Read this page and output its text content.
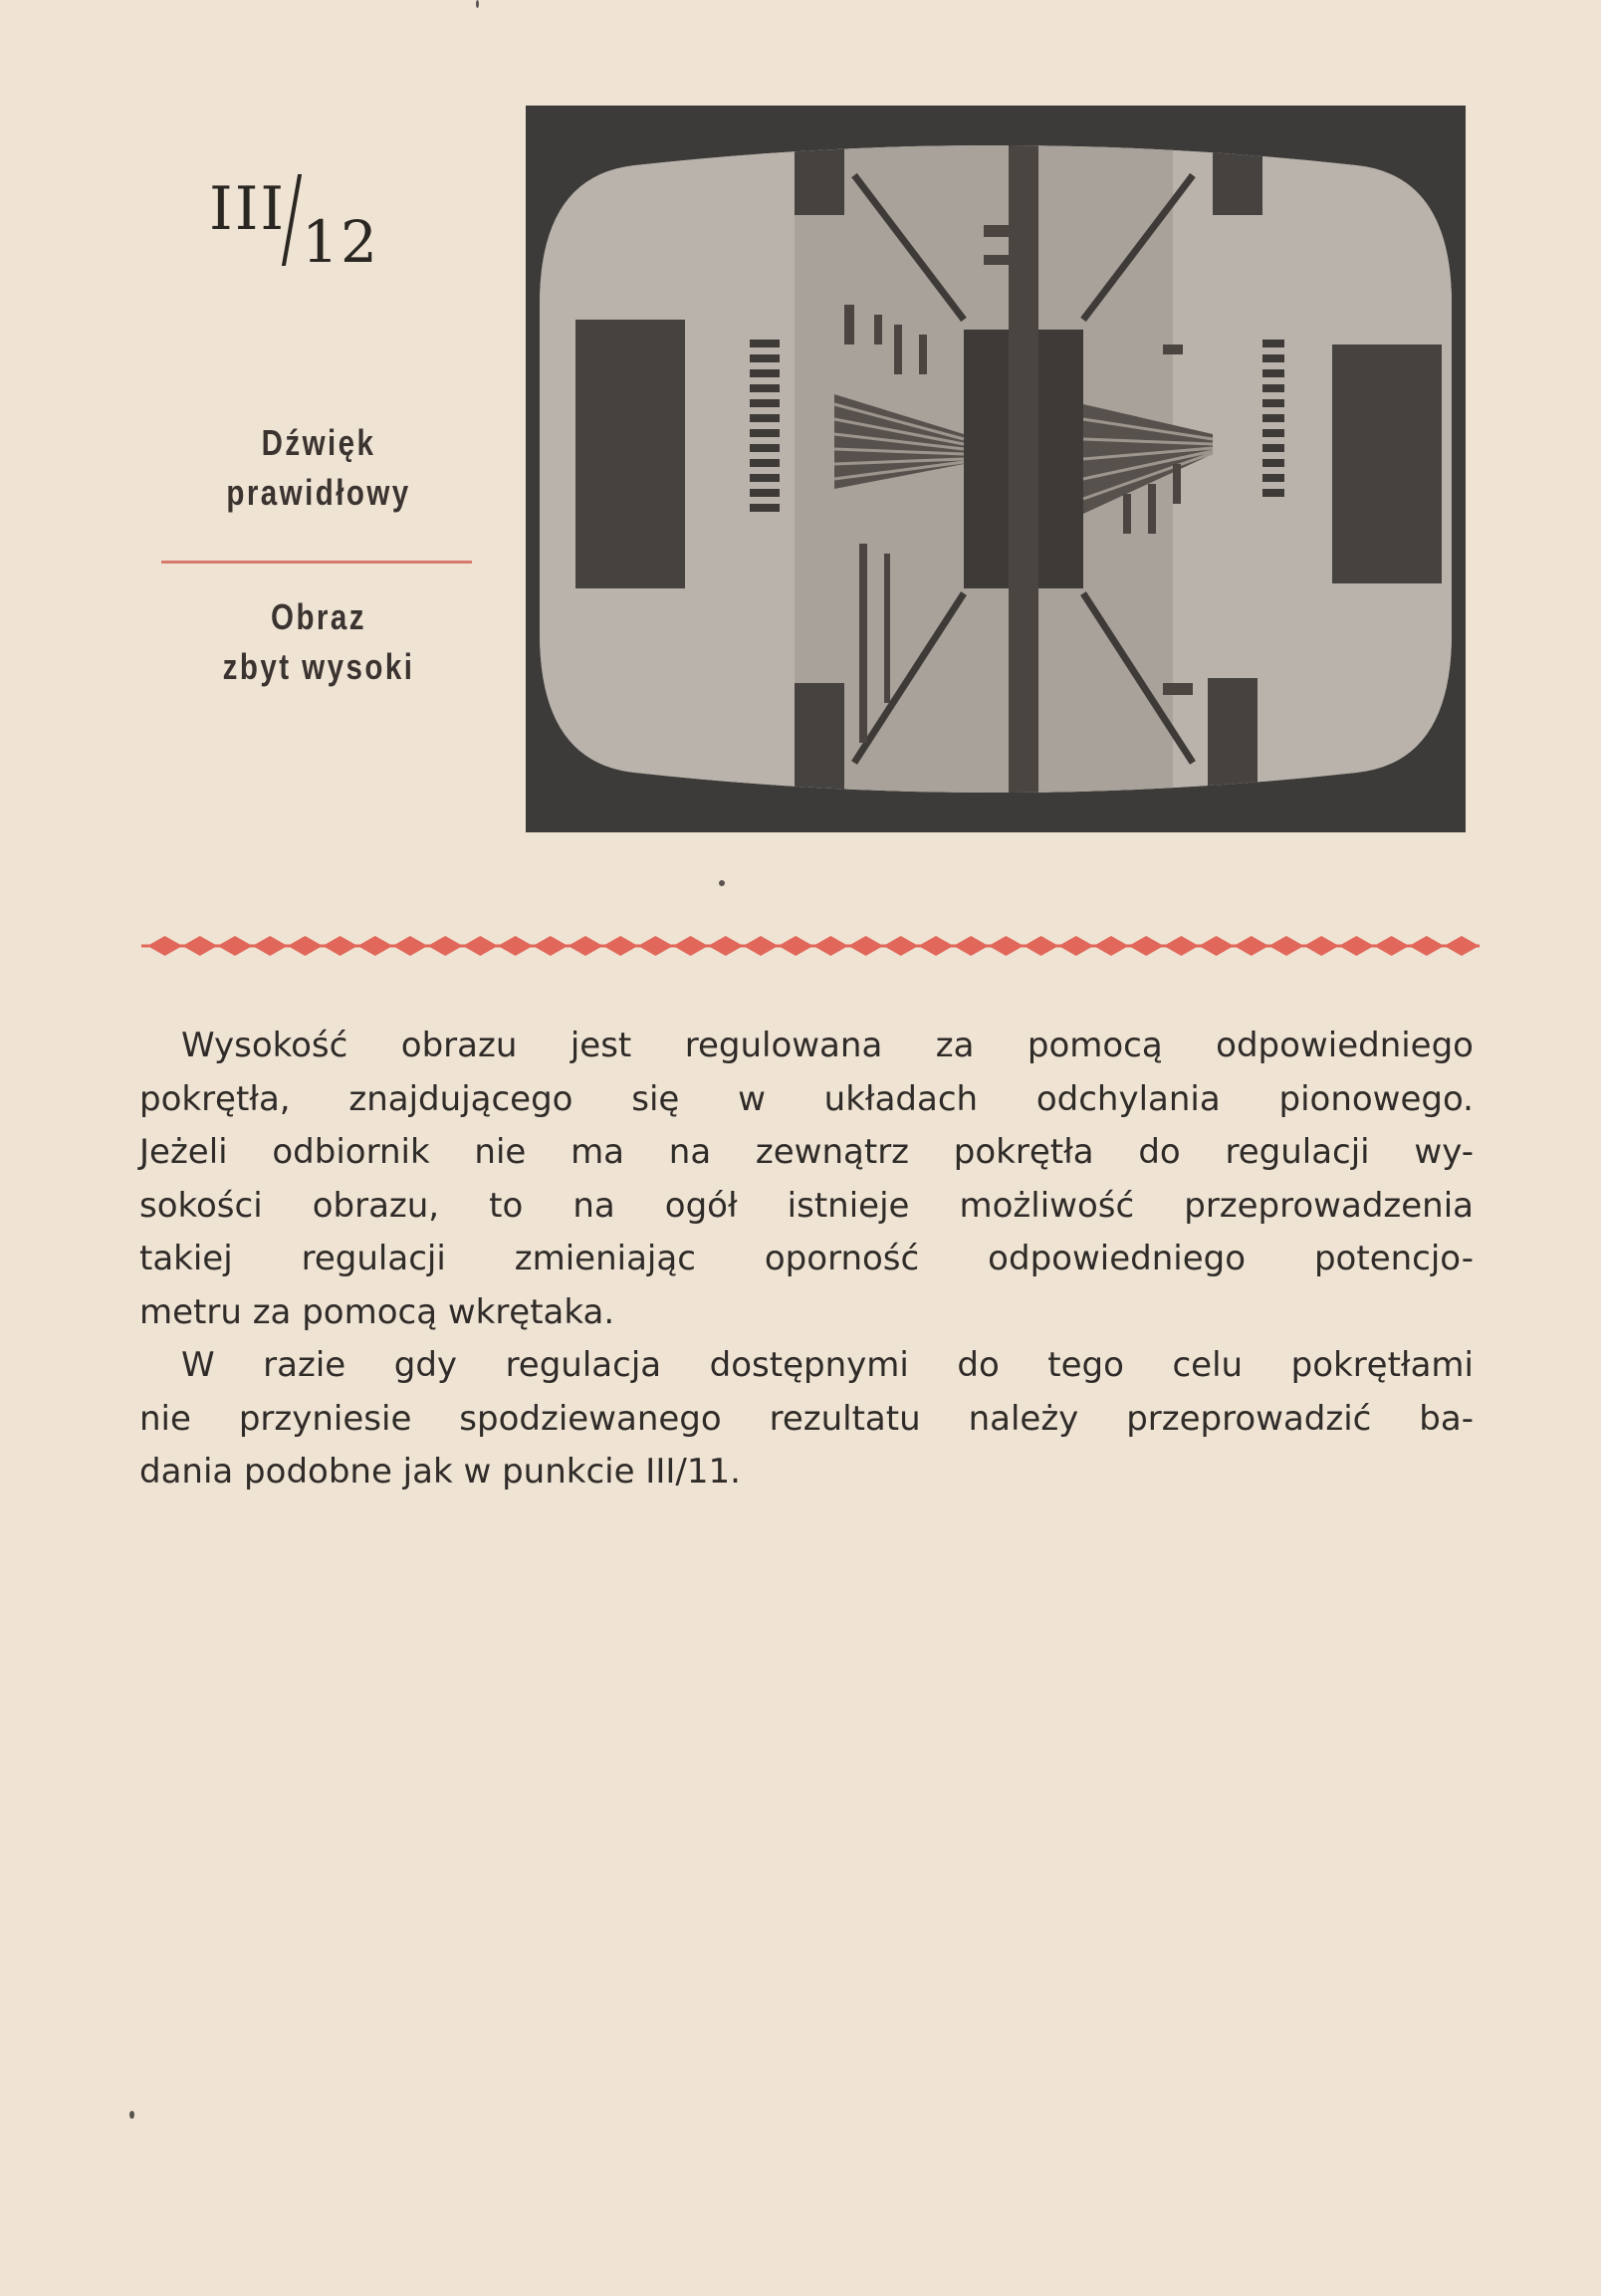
III 12
Dźwięk
prawidłowy
Obraz
zbyt wysoki

Wysokość obrazu jest regulowana za pomocą odpowiedniego
pokrętła, znajdującego się w układach odchylania pionowego.
Jeżeli odbiornik nie ma na zewnątrz pokrętła do regulacji wy-
sokości obrazu, to na ogół istnieje możliwość przeprowadzenia
takiej regulacji zmieniając oporność odpowiedniego potencjo-
metru za pomocą wkrętaka.

W razie gdy regulacja dostępnymi do tego celu pokrętłami
nie przyniesie spodziewanego rezultatu należy przeprowadzić ba-
dania podobne jak w punkcie III/11.
